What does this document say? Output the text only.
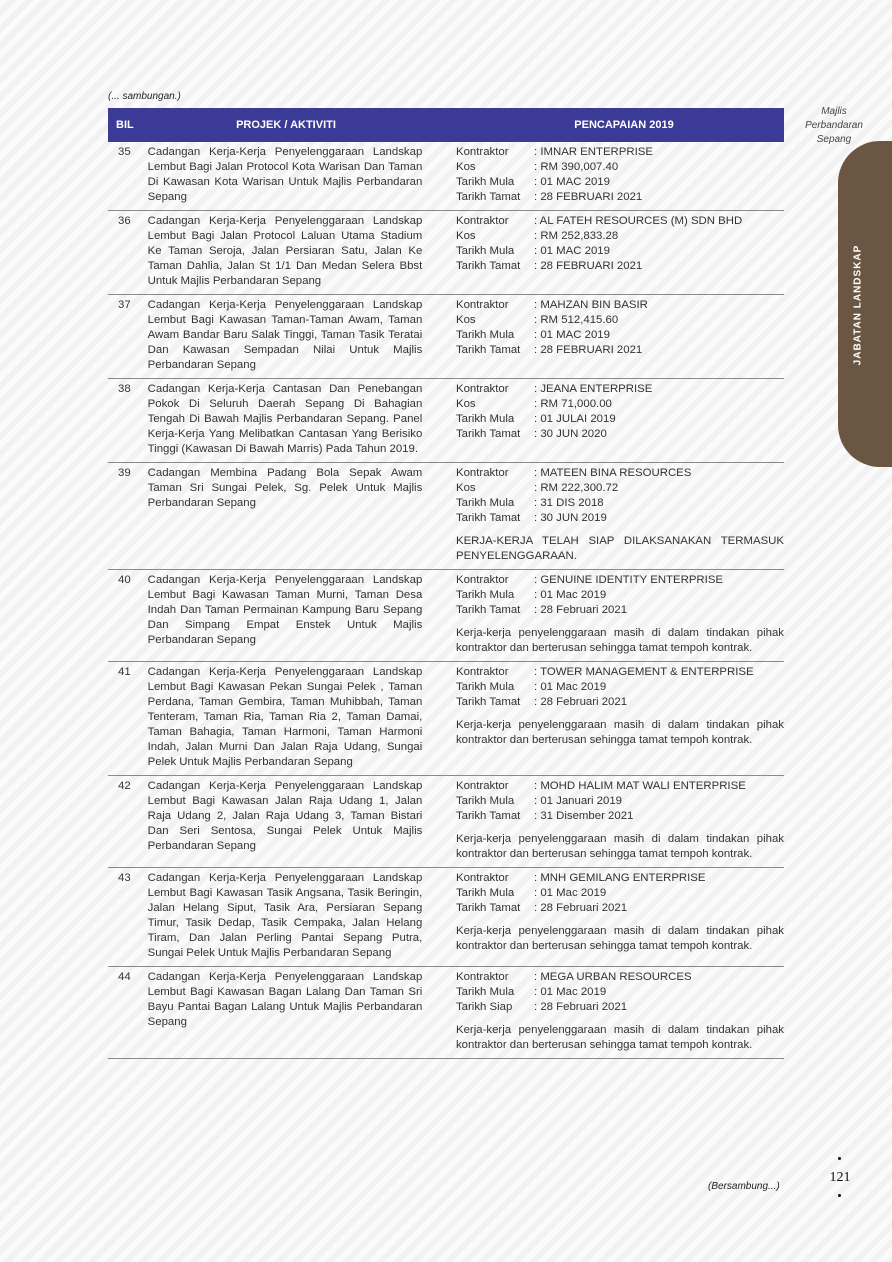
(... sambungan.)
Majlis
Perbandaran
Sepang
JABATAN LANDSKAP
BIL	PROJEK / AKTIVITI	PENCAPAIAN 2019
35	Cadangan Kerja-Kerja Penyelenggaraan Landskap Lembut Bagi Jalan Protocol Kota Warisan Dan Taman Di Kawasan Kota Warisan Untuk Majlis Perbandaran Sepang
Kontraktor	: IMNAR ENTERPRISE
Kos	: RM 390,007.40
Tarikh Mula	: 01 MAC 2019
Tarikh Tamat	: 28 FEBRUARI 2021
36	Cadangan Kerja-Kerja Penyelenggaraan Landskap Lembut Bagi Jalan Protocol Laluan Utama Stadium Ke Taman Seroja, Jalan Persiaran Satu, Jalan Ke Taman Dahlia, Jalan St 1/1 Dan Medan Selera Bbst Untuk Majlis Perbandaran Sepang
Kontraktor	: AL FATEH RESOURCES (M) SDN BHD
Kos	: RM 252,833.28
Tarikh Mula	: 01 MAC 2019
Tarikh Tamat	: 28 FEBRUARI 2021
37	Cadangan Kerja-Kerja Penyelenggaraan Landskap Lembut Bagi Kawasan Taman-Taman Awam, Taman Awam Bandar Baru Salak Tinggi, Taman Tasik Teratai Dan Kawasan Sempadan Nilai Untuk Majlis Perbandaran Sepang
Kontraktor	: MAHZAN BIN BASIR
Kos	: RM 512,415.60
Tarikh Mula	: 01 MAC 2019
Tarikh Tamat	: 28 FEBRUARI 2021
38	Cadangan Kerja-Kerja Cantasan Dan Penebangan Pokok Di Seluruh Daerah Sepang Di Bahagian Tengah Di Bawah Majlis Perbandaran Sepang. Panel Kerja-Kerja Yang Melibatkan Cantasan Yang Berisiko Tinggi (Kawasan Di Bawah Marris) Pada Tahun 2019.
Kontraktor	: JEANA ENTERPRISE
Kos	: RM 71,000.00
Tarikh Mula	: 01 JULAI 2019
Tarikh Tamat	: 30 JUN 2020
39	Cadangan Membina Padang Bola Sepak Awam Taman Sri Sungai Pelek, Sg. Pelek Untuk Majlis Perbandaran Sepang
Kontraktor	: MATEEN BINA RESOURCES
Kos	: RM 222,300.72
Tarikh Mula	: 31 DIS 2018
Tarikh Tamat	: 30 JUN 2019
KERJA-KERJA TELAH SIAP DILAKSANAKAN TERMASUK PENYELENGGARAAN.
40	Cadangan Kerja-Kerja Penyelenggaraan Landskap Lembut Bagi Kawasan Taman Murni, Taman Desa Indah Dan Taman Permainan Kampung Baru Sepang Dan Simpang Empat Enstek Untuk Majlis Perbandaran Sepang
Kontraktor	: GENUINE IDENTITY ENTERPRISE
Tarikh Mula	: 01 Mac 2019
Tarikh Tamat	: 28 Februari 2021
Kerja-kerja penyelenggaraan masih di dalam tindakan pihak kontraktor dan berterusan sehingga tamat tempoh kontrak.
41	Cadangan Kerja-Kerja Penyelenggaraan Landskap Lembut Bagi Kawasan Pekan Sungai Pelek , Taman Perdana, Taman Gembira, Taman Muhibbah, Taman Tenteram, Taman Ria, Taman Ria 2, Taman Damai, Taman Bahagia, Taman Harmoni, Taman Harmoni Indah, Jalan Murni Dan Jalan Raja Udang, Sungai Pelek Untuk Majlis Perbandaran Sepang
Kontraktor	: TOWER MANAGEMENT & ENTERPRISE
Tarikh Mula	: 01 Mac 2019
Tarikh Tamat	: 28 Februari 2021
Kerja-kerja penyelenggaraan masih di dalam tindakan pihak kontraktor dan berterusan sehingga tamat tempoh kontrak.
42	Cadangan Kerja-Kerja Penyelenggaraan Landskap Lembut Bagi Kawasan Jalan Raja Udang 1, Jalan Raja Udang 2, Jalan Raja Udang 3, Taman Bistari Dan Seri Sentosa, Sungai Pelek Untuk Majlis Perbandaran Sepang
Kontraktor	: MOHD HALIM MAT WALI ENTERPRISE
Tarikh Mula	: 01 Januari 2019
Tarikh Tamat	: 31 Disember 2021
Kerja-kerja penyelenggaraan masih di dalam tindakan pihak kontraktor dan berterusan sehingga tamat tempoh kontrak.
43	Cadangan Kerja-Kerja Penyelenggaraan Landskap Lembut Bagi Kawasan Tasik Angsana, Tasik Beringin, Jalan Helang Siput, Tasik Ara, Persiaran Sepang Timur, Tasik Dedap, Tasik Cempaka, Jalan Helang Tiram, Dan Jalan Perling Pantai Sepang Putra, Sungai Pelek Untuk Majlis Perbandaran Sepang
Kontraktor	: MNH GEMILANG ENTERPRISE
Tarikh Mula	: 01 Mac 2019
Tarikh Tamat	: 28 Februari 2021
Kerja-kerja penyelenggaraan masih di dalam tindakan pihak kontraktor dan berterusan sehingga tamat tempoh kontrak.
44	Cadangan Kerja-Kerja Penyelenggaraan Landskap Lembut Bagi Kawasan Bagan Lalang Dan Taman Sri Bayu Pantai Bagan Lalang Untuk Majlis Perbandaran Sepang
Kontraktor	: MEGA URBAN RESOURCES
Tarikh Mula	: 01 Mac 2019
Tarikh Siap	: 28 Februari 2021
Kerja-kerja penyelenggaraan masih di dalam tindakan pihak kontraktor dan berterusan sehingga tamat tempoh kontrak.
(Bersambung...)
121
